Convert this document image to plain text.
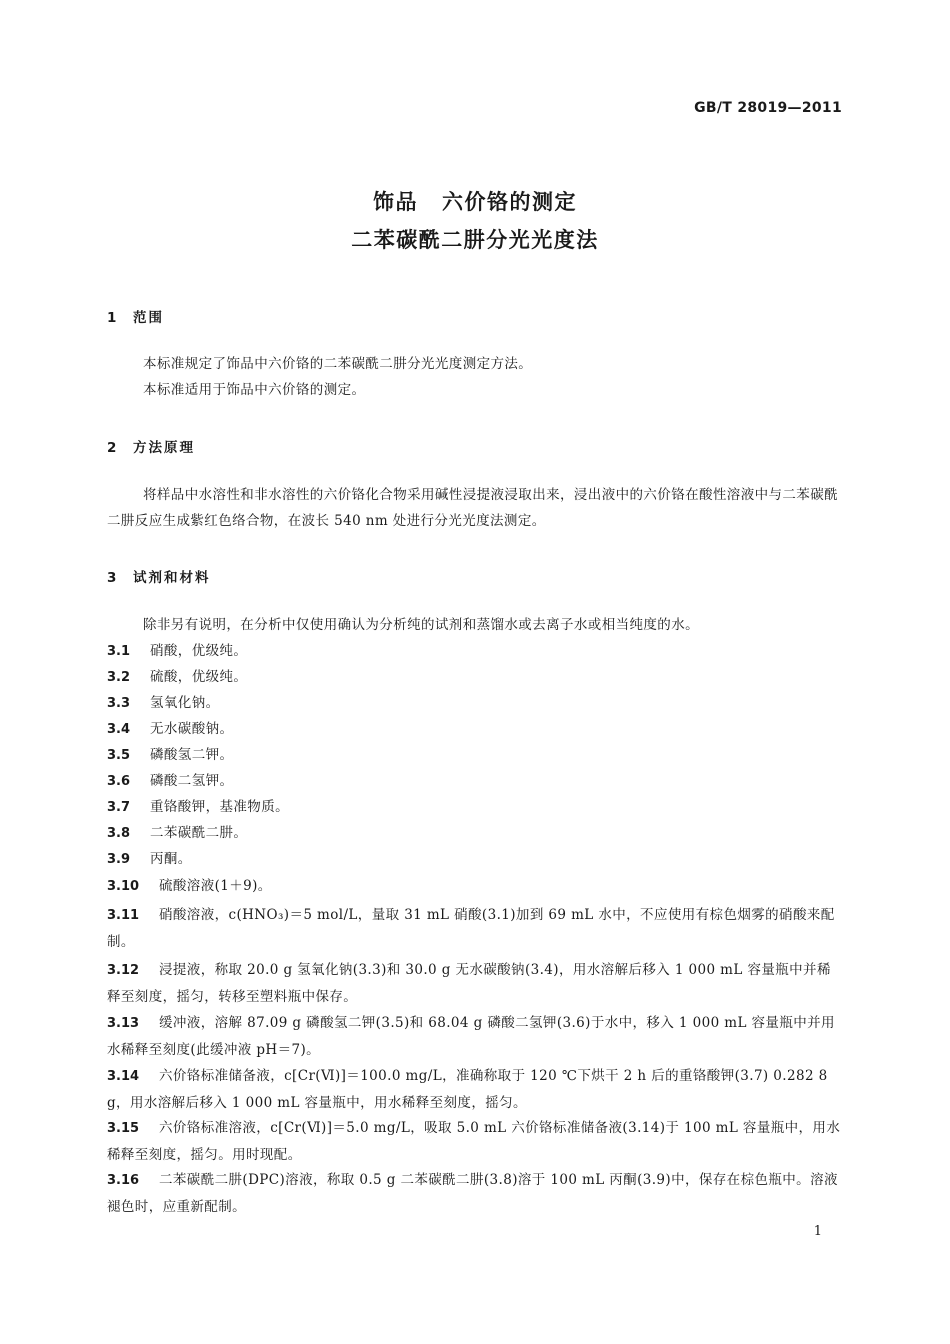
GB/T 28019—2011
饰品 六价铬的测定
二苯碳酰二肼分光光度法
1 范围
本标准规定了饰品中六价铬的二苯碳酰二肼分光光度测定方法。
本标准适用于饰品中六价铬的测定。
2 方法原理
将样品中水溶性和非水溶性的六价铬化合物采用碱性浸提液浸取出来，浸出液中的六价铬在酸性溶液中与二苯碳酰二肼反应生成紫红色络合物，在波长 540 nm 处进行分光光度法测定。
3 试剂和材料
除非另有说明，在分析中仅使用确认为分析纯的试剂和蒸馏水或去离子水或相当纯度的水。
3.1 硝酸，优级纯。
3.2 硫酸，优级纯。
3.3 氢氧化钠。
3.4 无水碳酸钠。
3.5 磷酸氢二钾。
3.6 磷酸二氢钾。
3.7 重铬酸钾，基准物质。
3.8 二苯碳酰二肼。
3.9 丙酮。
3.10 硫酸溶液(1＋9)。
3.11 硝酸溶液，c(HNO₃)＝5 mol/L，量取 31 mL 硝酸(3.1)加到 69 mL 水中，不应使用有棕色烟雾的硝酸来配制。
3.12 浸提液，称取 20.0 g 氢氧化钠(3.3)和 30.0 g 无水碳酸钠(3.4)，用水溶解后移入 1 000 mL 容量瓶中并稀释至刻度，摇匀，转移至塑料瓶中保存。
3.13 缓冲液，溶解 87.09 g 磷酸氢二钾(3.5)和 68.04 g 磷酸二氢钾(3.6)于水中，移入 1 000 mL 容量瓶中并用水稀释至刻度(此缓冲液 pH＝7)。
3.14 六价铬标准储备液，c[Cr(Ⅵ)]＝100.0 mg/L，准确称取于 120 ℃下烘干 2 h 后的重铬酸钾(3.7) 0.282 8 g，用水溶解后移入 1 000 mL 容量瓶中，用水稀释至刻度，摇匀。
3.15 六价铬标准溶液，c[Cr(Ⅵ)]＝5.0 mg/L，吸取 5.0 mL 六价铬标准储备液(3.14)于 100 mL 容量瓶中，用水稀释至刻度，摇匀。用时现配。
3.16 二苯碳酰二肼(DPC)溶液，称取 0.5 g 二苯碳酰二肼(3.8)溶于 100 mL 丙酮(3.9)中，保存在棕色瓶中。溶液褪色时，应重新配制。
1
